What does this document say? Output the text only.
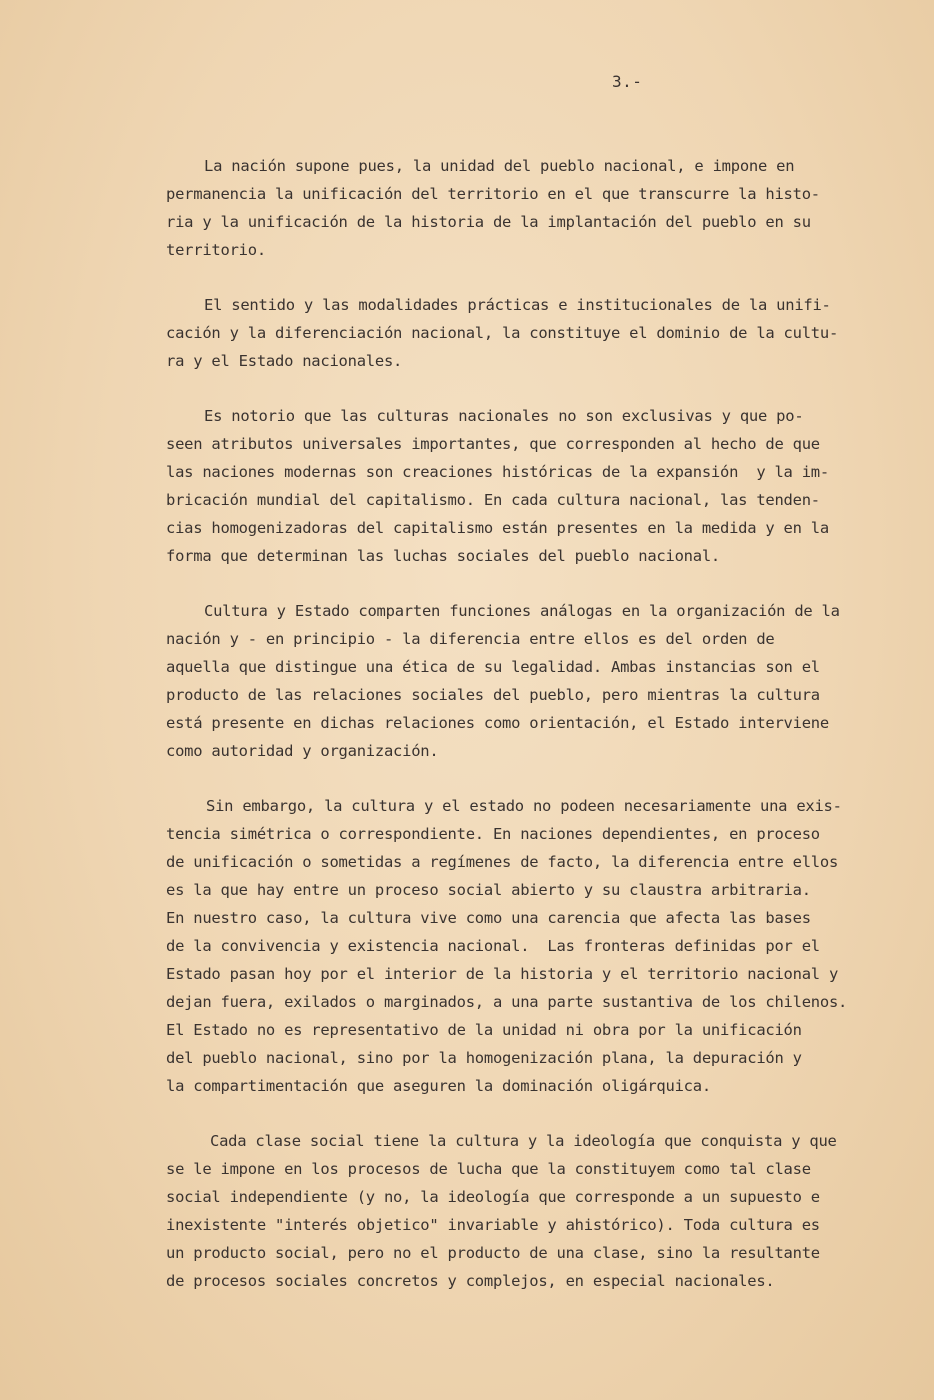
3.-

La nación supone pues, la unidad del pueblo nacional, e impone en
permanencia la unificación del territorio en el que transcurre la histo-
ria y la unificación de la historia de la implantación del pueblo en su
territorio.

El sentido y las modalidades prácticas e institucionales de la unifi-
cación y la diferenciación nacional, la constituye el dominio de la cultu-
ra y el Estado nacionales.

Es notorio que las culturas nacionales no son exclusivas y que po-
seen atributos universales importantes, que corresponden al hecho de que
las naciones modernas son creaciones históricas de la expansión  y la im-
bricación mundial del capitalismo. En cada cultura nacional, las tenden-
cias homogenizadoras del capitalismo están presentes en la medida y en la
forma que determinan las luchas sociales del pueblo nacional.

Cultura y Estado comparten funciones análogas en la organización de la
nación y - en principio - la diferencia entre ellos es del orden de
aquella que distingue una ética de su legalidad. Ambas instancias son el
producto de las relaciones sociales del pueblo, pero mientras la cultura
está presente en dichas relaciones como orientación, el Estado interviene
como autoridad y organización.

Sin embargo, la cultura y el estado no podeen necesariamente una exis-
tencia simétrica o correspondiente. En naciones dependientes, en proceso
de unificación o sometidas a regímenes de facto, la diferencia entre ellos
es la que hay entre un proceso social abierto y su claustra arbitraria.
En nuestro caso, la cultura vive como una carencia que afecta las bases
de la convivencia y existencia nacional.  Las fronteras definidas por el
Estado pasan hoy por el interior de la historia y el territorio nacional y
dejan fuera, exilados o marginados, a una parte sustantiva de los chilenos.
El Estado no es representativo de la unidad ni obra por la unificación
del pueblo nacional, sino por la homogenización plana, la depuración y
la compartimentación que aseguren la dominación oligárquica.

Cada clase social tiene la cultura y la ideología que conquista y que
se le impone en los procesos de lucha que la constituyem como tal clase
social independiente (y no, la ideología que corresponde a un supuesto e
inexistente "interés objetico" invariable y ahistórico). Toda cultura es
un producto social, pero no el producto de una clase, sino la resultante
de procesos sociales concretos y complejos, en especial nacionales.
